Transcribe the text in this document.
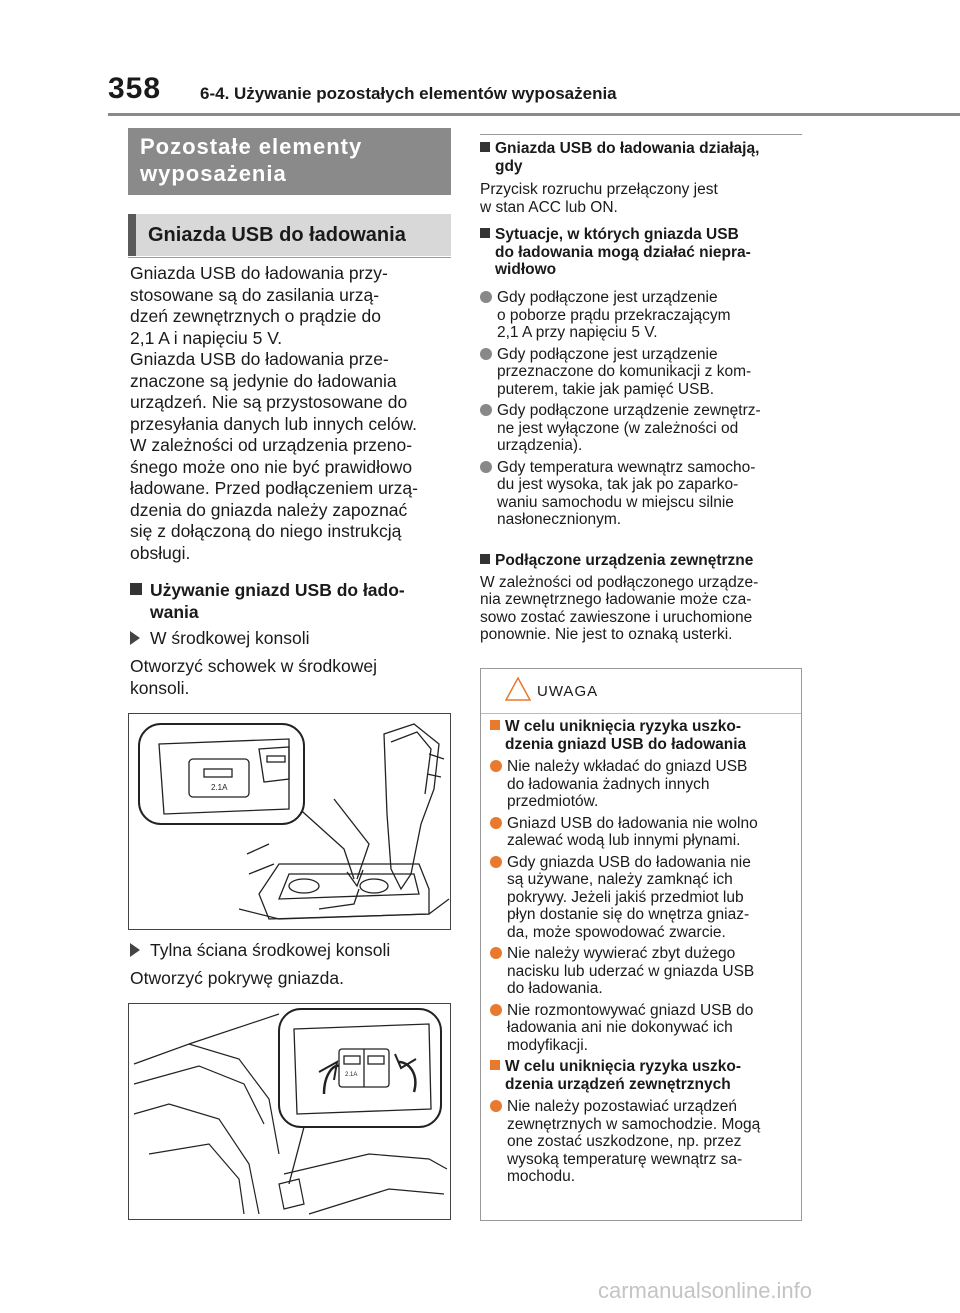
358 6-4. Używanie pozostałych elementów wyposażenia
Pozostałe elementy
wyposażenia
Gniazda USB do ładowania

Gniazda USB do ładowania przy-

stosowane są do zasilania urzą-

dzeń zewnętrznych o prądzie do

2,1 A i napięciu 5 V.

Gniazda USB do ładowania prze-

znaczone są jedynie do ładowania

urządzeń. Nie są przystosowane do

przesyłania danych lub innych celów.

W zależności od urządzenia przeno-

śnego może ono nie być prawidłowo

ładowane. Przed podłączeniem urzą-

dzenia do gniazda należy zapoznać

się z dołączoną do niego instrukcją

obsługi.

Używanie gniazd USB do łado-

wania

W środkowej konsoli

Otworzyć schowek w środkowej

konsoli.

2.1A
Tylna ściana środkowej konsoli

Otworzyć pokrywę gniazda.

2.1A

Gniazda USB do ładowania działają,

gdy

Przycisk rozruchu przełączony jest

w stan ACC lub ON.

Sytuacje, w których gniazda USB

do ładowania mogą działać niepra-

widłowo

Gdy podłączone jest urządzenie

o poborze prądu przekraczającym

2,1 A przy napięciu 5 V.

Gdy podłączone jest urządzenie

przeznaczone do komunikacji z kom-

puterem, takie jak pamięć USB.

Gdy podłączone urządzenie zewnętrz-

ne jest wyłączone (w zależności od

urządzenia).

Gdy temperatura wewnątrz samocho-

du jest wysoka, tak jak po zaparko-

waniu samochodu w miejscu silnie

nasłonecznionym.

Podłączone urządzenia zewnętrzne

W zależności od podłączonego urządze-

nia zewnętrznego ładowanie może cza-

sowo zostać zawieszone i uruchomione

ponownie. Nie jest to oznaką usterki.

UWAGA

W celu uniknięcia ryzyka uszko-

dzenia gniazd USB do ładowania

Nie należy wkładać do gniazd USB

do ładowania żadnych innych

przedmiotów.

Gniazd USB do ładowania nie wolno

zalewać wodą lub innymi płynami.

Gdy gniazda USB do ładowania nie

są używane, należy zamknąć ich

pokrywy. Jeżeli jakiś przedmiot lub

płyn dostanie się do wnętrza gniaz-

da, może spowodować zwarcie.

Nie należy wywierać zbyt dużego

nacisku lub uderzać w gniazda USB

do ładowania.

Nie rozmontowywać gniazd USB do

ładowania ani nie dokonywać ich

modyfikacji.

W celu uniknięcia ryzyka uszko-

dzenia urządzeń zewnętrznych

Nie należy pozostawiać urządzeń

zewnętrznych w samochodzie. Mogą

one zostać uszkodzone, np. przez

wysoką temperaturę wewnątrz sa-

mochodu.

carmanualsonline.info
